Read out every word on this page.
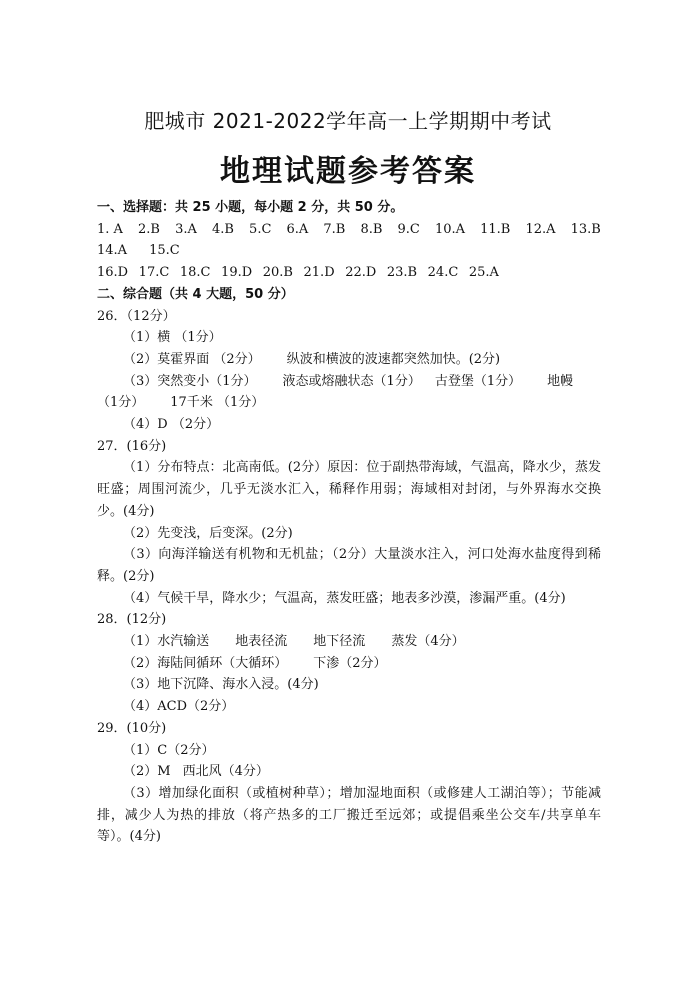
肥城市 2021-2022学年高一上学期期中考试
地理试题参考答案
一、选择题：共 25 小题，每小题 2 分，共 50 分。
1. A 2.B 3.A 4.B 5.C 6.A 7.B 8.B 9.C 10.A 11.B 12.A 13.B
14.A 15.C
16.D 17.C 18.C 19.D 20.B 21.D 22.D 23.B 24.C 25.A
二、综合题（共 4 大题，50 分）
26．（12分）
（1）横 （1分）
（2）莫霍界面 （2分） 纵波和横波的波速都突然加快。(2分)
（3）突然变小（1分） 液态或熔融状态（1分） 古登堡（1分） 地幔
（1分） 17千米 （1分）
（4）D （2分）
27．(16分)
（1）分布特点：北高南低。(2分）原因：位于副热带海域，气温高，降水少，蒸发旺盛；周围河流少，几乎无淡水汇入，稀释作用弱；海域相对封闭，与外界海水交换少。(4分)
（2）先变浅，后变深。(2分)
（3）向海洋输送有机物和无机盐；（2分）大量淡水注入，河口处海水盐度得到稀释。(2分)
（4）气候干旱，降水少；气温高，蒸发旺盛；地表多沙漠，渗漏严重。(4分)
28．(12分)
（1）水汽输送 地表径流 地下径流 蒸发（4分）
（2）海陆间循环（大循环） 下渗（2分）
（3）地下沉降、海水入浸。(4分)
（4）ACD（2分）
29．(10分)
（1）C（2分）
（2）M 西北风（4分）
（3）增加绿化面积（或植树种草）；增加湿地面积（或修建人工湖泊等）；节能减排，减少人为热的排放（将产热多的工厂搬迁至远郊；或提倡乘坐公交车/共享单车等）。(4分)
